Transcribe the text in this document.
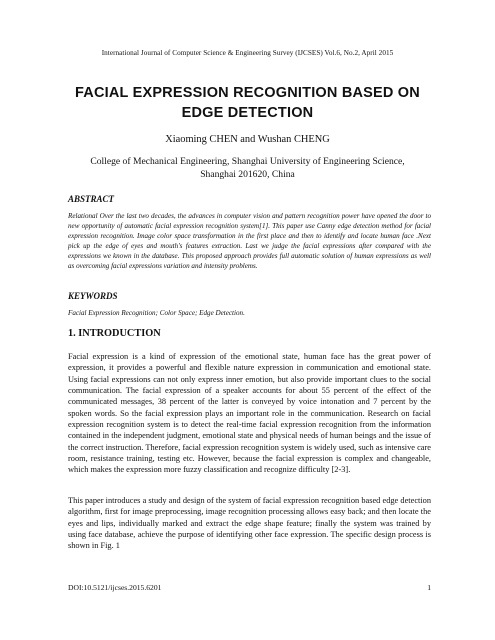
International Journal of Computer Science & Engineering Survey (IJCSES) Vol.6, No.2, April 2015
FACIAL EXPRESSION RECOGNITION BASED ON
EDGE DETECTION
Xiaoming CHEN and Wushan CHENG
College of Mechanical Engineering, Shanghai University of Engineering Science,
Shanghai 201620, China
ABSTRACT
Relational Over the last two decades, the advances in computer vision and pattern recognition power have opened the door to new opportunity of automatic facial expression recognition system[1]. This paper use Canny edge detection method for facial expression recognition. Image color space transformation in the first place and then to identify and locate human face .Next pick up the edge of eyes and mouth's features extraction. Last we judge the facial expressions after compared with the expressions we known in the database. This proposed approach provides full automatic solution of human expressions as well as overcoming facial expressions variation and intensity problems.
KEYWORDS
Facial Expression Recognition; Color Space; Edge Detection.
1. INTRODUCTION
Facial expression is a kind of expression of the emotional state, human face has the great power of expression, it provides a powerful and flexible nature expression in communication and emotional state. Using facial expressions can not only express inner emotion, but also provide important clues to the social communication. The facial expression of a speaker accounts for about 55 percent of the effect of the communicated messages, 38 percent of the latter is conveyed by voice intonation and 7 percent by the spoken words. So the facial expression plays an important role in the communication. Research on facial expression recognition system is to detect the real-time facial expression recognition from the information contained in the independent judgment, emotional state and physical needs of human beings and the issue of the correct instruction. Therefore, facial expression recognition system is widely used, such as intensive care room, resistance training, testing etc. However, because the facial expression is complex and changeable, which makes the expression more fuzzy classification and recognize difficulty [2-3].
This paper introduces a study and design of the system of facial expression recognition based edge detection algorithm, first for image preprocessing, image recognition processing allows easy back; and then locate the eyes and lips, individually marked and extract the edge shape feature; finally the system was trained by using face database, achieve the purpose of identifying other face expression. The specific design process is shown in Fig. 1
DOI:10.5121/ijcses.2015.6201	1
